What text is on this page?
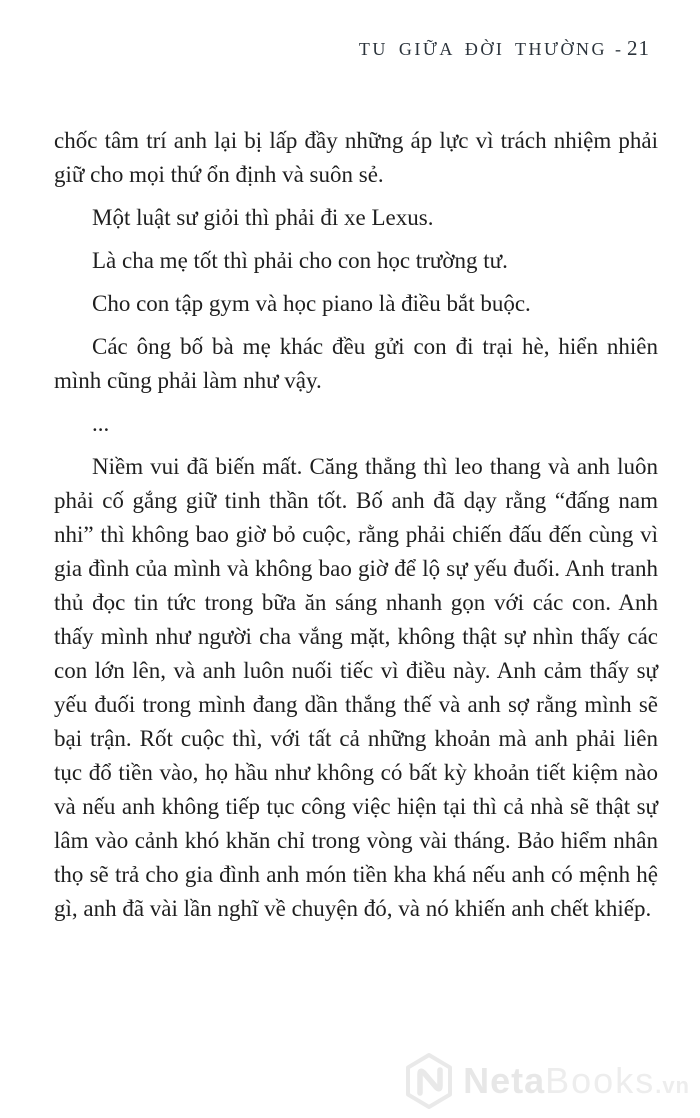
TU GIỮA ĐỜI THƯỜNG - 21

chốc tâm trí anh lại bị lấp đầy những áp lực vì trách nhiệm phải giữ cho mọi thứ ổn định và suôn sẻ.

Một luật sư giỏi thì phải đi xe Lexus.

Là cha mẹ tốt thì phải cho con học trường tư.

Cho con tập gym và học piano là điều bắt buộc.

Các ông bố bà mẹ khác đều gửi con đi trại hè, hiển nhiên mình cũng phải làm như vậy.

...

Niềm vui đã biến mất. Căng thẳng thì leo thang và anh luôn phải cố gắng giữ tinh thần tốt. Bố anh đã dạy rằng “đấng nam nhi” thì không bao giờ bỏ cuộc, rằng phải chiến đấu đến cùng vì gia đình của mình và không bao giờ để lộ sự yếu đuối. Anh tranh thủ đọc tin tức trong bữa ăn sáng nhanh gọn với các con. Anh thấy mình như người cha vắng mặt, không thật sự nhìn thấy các con lớn lên, và anh luôn nuối tiếc vì điều này. Anh cảm thấy sự yếu đuối trong mình đang dần thắng thế và anh sợ rằng mình sẽ bại trận. Rốt cuộc thì, với tất cả những khoản mà anh phải liên tục đổ tiền vào, họ hầu như không có bất kỳ khoản tiết kiệm nào và nếu anh không tiếp tục công việc hiện tại thì cả nhà sẽ thật sự lâm vào cảnh khó khăn chỉ trong vòng vài tháng. Bảo hiểm nhân thọ sẽ trả cho gia đình anh món tiền kha khá nếu anh có mệnh hệ gì, anh đã vài lần nghĩ về chuyện đó, và nó khiến anh chết khiếp.

NetaBooks.vn
